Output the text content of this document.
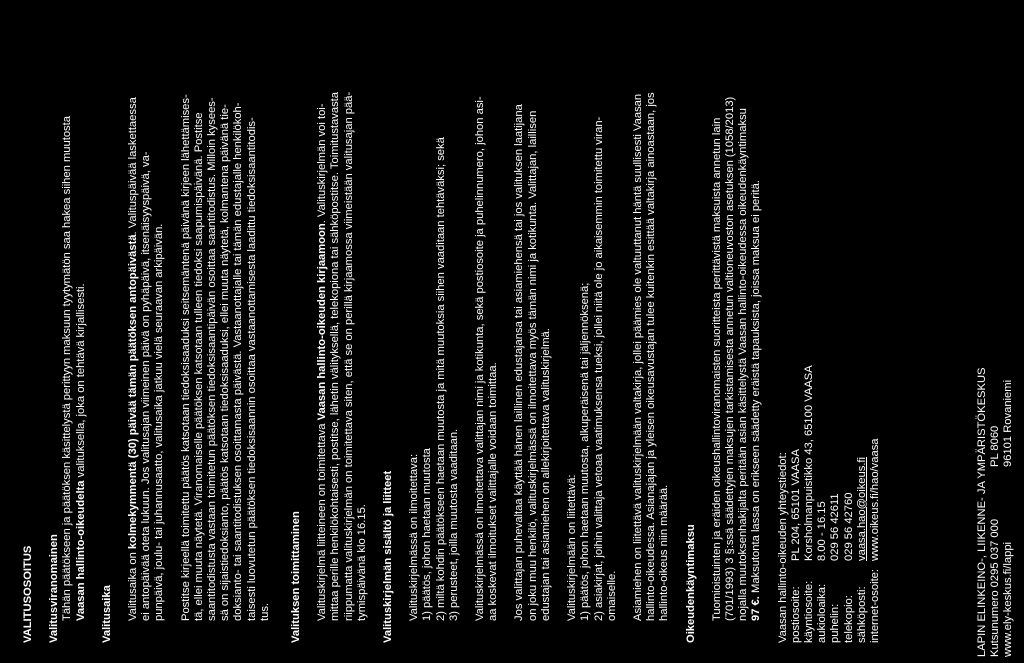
VALITUSOSOITUS Valitusviranomainen Tähän päätökseen ja päätöksen käsittelystä perittyyn maksuun tyytymätön saa hakea siihen muutosta Vaasan hallinto-oikeudelta valituksella, joka on tehtävä kirjallisesti.
Valitusaika Valitusaika on kolmekymmentä (30) päivää tämän päätöksen antopäivästä. Valituspäivää laskettaessa ei antopäivää oteta lukuun. Jos valitusajan viimeinen päivä on pyhäpäivä, itsenäisyyspäivä, va- punpäivä, joulu- tai juhannusaatto, valitusaika jatkuu vielä seuraavan arkipäivän. Postitse kirjeellä toimitettu päätös katsotaan tiedoksisaaduksi seitsemäntenä päivänä kirjeen lähettämises- tä, ellei muuta näytetä. Viranomaiselle päätöksen katsotaan tulleen tiedoksi saapumispäivänä. Postitse saantitodistusta vastaan toimitetun päätöksen tiedoksisaantipäivän osoittaa saantitodistus. Milloin kysees- sä on sijaistiedoksianto, päätös katsotaan tiedoksisaaduksi, ellei muuta näytetä, kolmantena päivänä tie- doksianto- tai saantitodistuksen osoittamasta päivästä. Vastaanottajalle tai tämän edustajalle henkilökoh- taisesti luovutetun päätöksen tiedoksisaannin osoittaa vastaanottamisesta laadittu tiedoksisaantitodis- tus. Valituksen toimittaminen Valituskirjelmä liitteineen on toimitettava Vaasan hallinto-oikeuden kirjaamoon. Valituskirjelmän voi toi- mittaa perille henkilökohtaisesti, postitse, lähetin välityksellä, telekopiona tai sähköpostitse. Toimitustavasta riippumatta valituskirjelmän on toimitettava siten, että se on perillä kirjaamossa viimeistään valitusajan pää- tymispäivänä klo 16.15. Valituskirjelmän sisältö ja liitteet Valituskirjelmässä on ilmoitettava: 1) päätös, johon haetaan muutosta 2) miltä kohdin päätökseen haetaan muutosta ja mitä muutoksia siihen vaaditaan tehtäväksi; sekä 3) perusteet, joilla muutosta vaaditaan. Valituskirjelmässä on ilmoitettava valittajan nimi ja kotikunta, sekä postiosoite ja puhelinnumero, johon asi- aa koskevat ilmoitukset valittajalle voidaan toimittaa. Jos valittajan puhevaltaa käyttää hänen laillinen edustajansa tai asiamiehensä tai jos valituksen laatijana on joku muu henkilö, valituskirjelmässä on ilmoitettava myös tämän nimi ja kotikunta. Valittajan, laillisen edustajan tai asiamiehen on allekirjoitettava valituskirjelmä. Valituskirjelmään on liitettävä: 1) päätös, johon haetaan muutosta, alkuperäisenä tai jäljennöksenä; 2) asiakirjat, joihin valittaja vetoaa vaatimuksensa tueksi, jollei niitä ole jo aikaisemmin toimitettu viran- omaiselle. Asiamiehen on liitettävä valituskirjelmään valtakirja, jollei päämies ole valtuuttanut häntä suullisesti Vaasan hallinto-oikeudessa. Asianajajan ja yleisen oikeusavustajan tulee kuitenkin esittää valtakirja ainoastaan, jos hallinto-oikeus niin määrää. Oikeudenkäyntimaksu Tuomioistuinten ja eräiden oikeushallintoviranomaisten suoritteista perittävistä maksuista annetun lain (701/1993) 3 §:ssä säädettyjen maksujen tarkistamisesta annetun valtioneuvoston asetuksen (1058/2013) nojalla muutoksenhakijalta peritään asian käsittelystä Vaasan hallinto-oikeudessa oikeudenkäyntimaksu 97 €. Maksutonta lassa on erikseen säädetty eräistä tapauksista, joissa maksua ei peritä. Vaasan hallinto-oikeuden yhteystiedot: postiosoite:
PL 204, 65101 VAASA
käyntiosoite:
Korsholmanpuistikko 43, 65100 VAASA
aukioloaika:
8.00 - 16.15
puhelin:
029 56 42611
telekopio:
029 56 42760
sähköposti:
vaasa.hao@oikeus.fi
internet-osoite:
www.oikeus.fi/hao/vaasa	LAPIN ELINKEINO-, LIIKENNE- JA YMPÄRISTÖKESKUS Kutsunumero 0295 037 000
PL 8060
www.ely-keskus.fi/lappi
96101 Rovaniemi
